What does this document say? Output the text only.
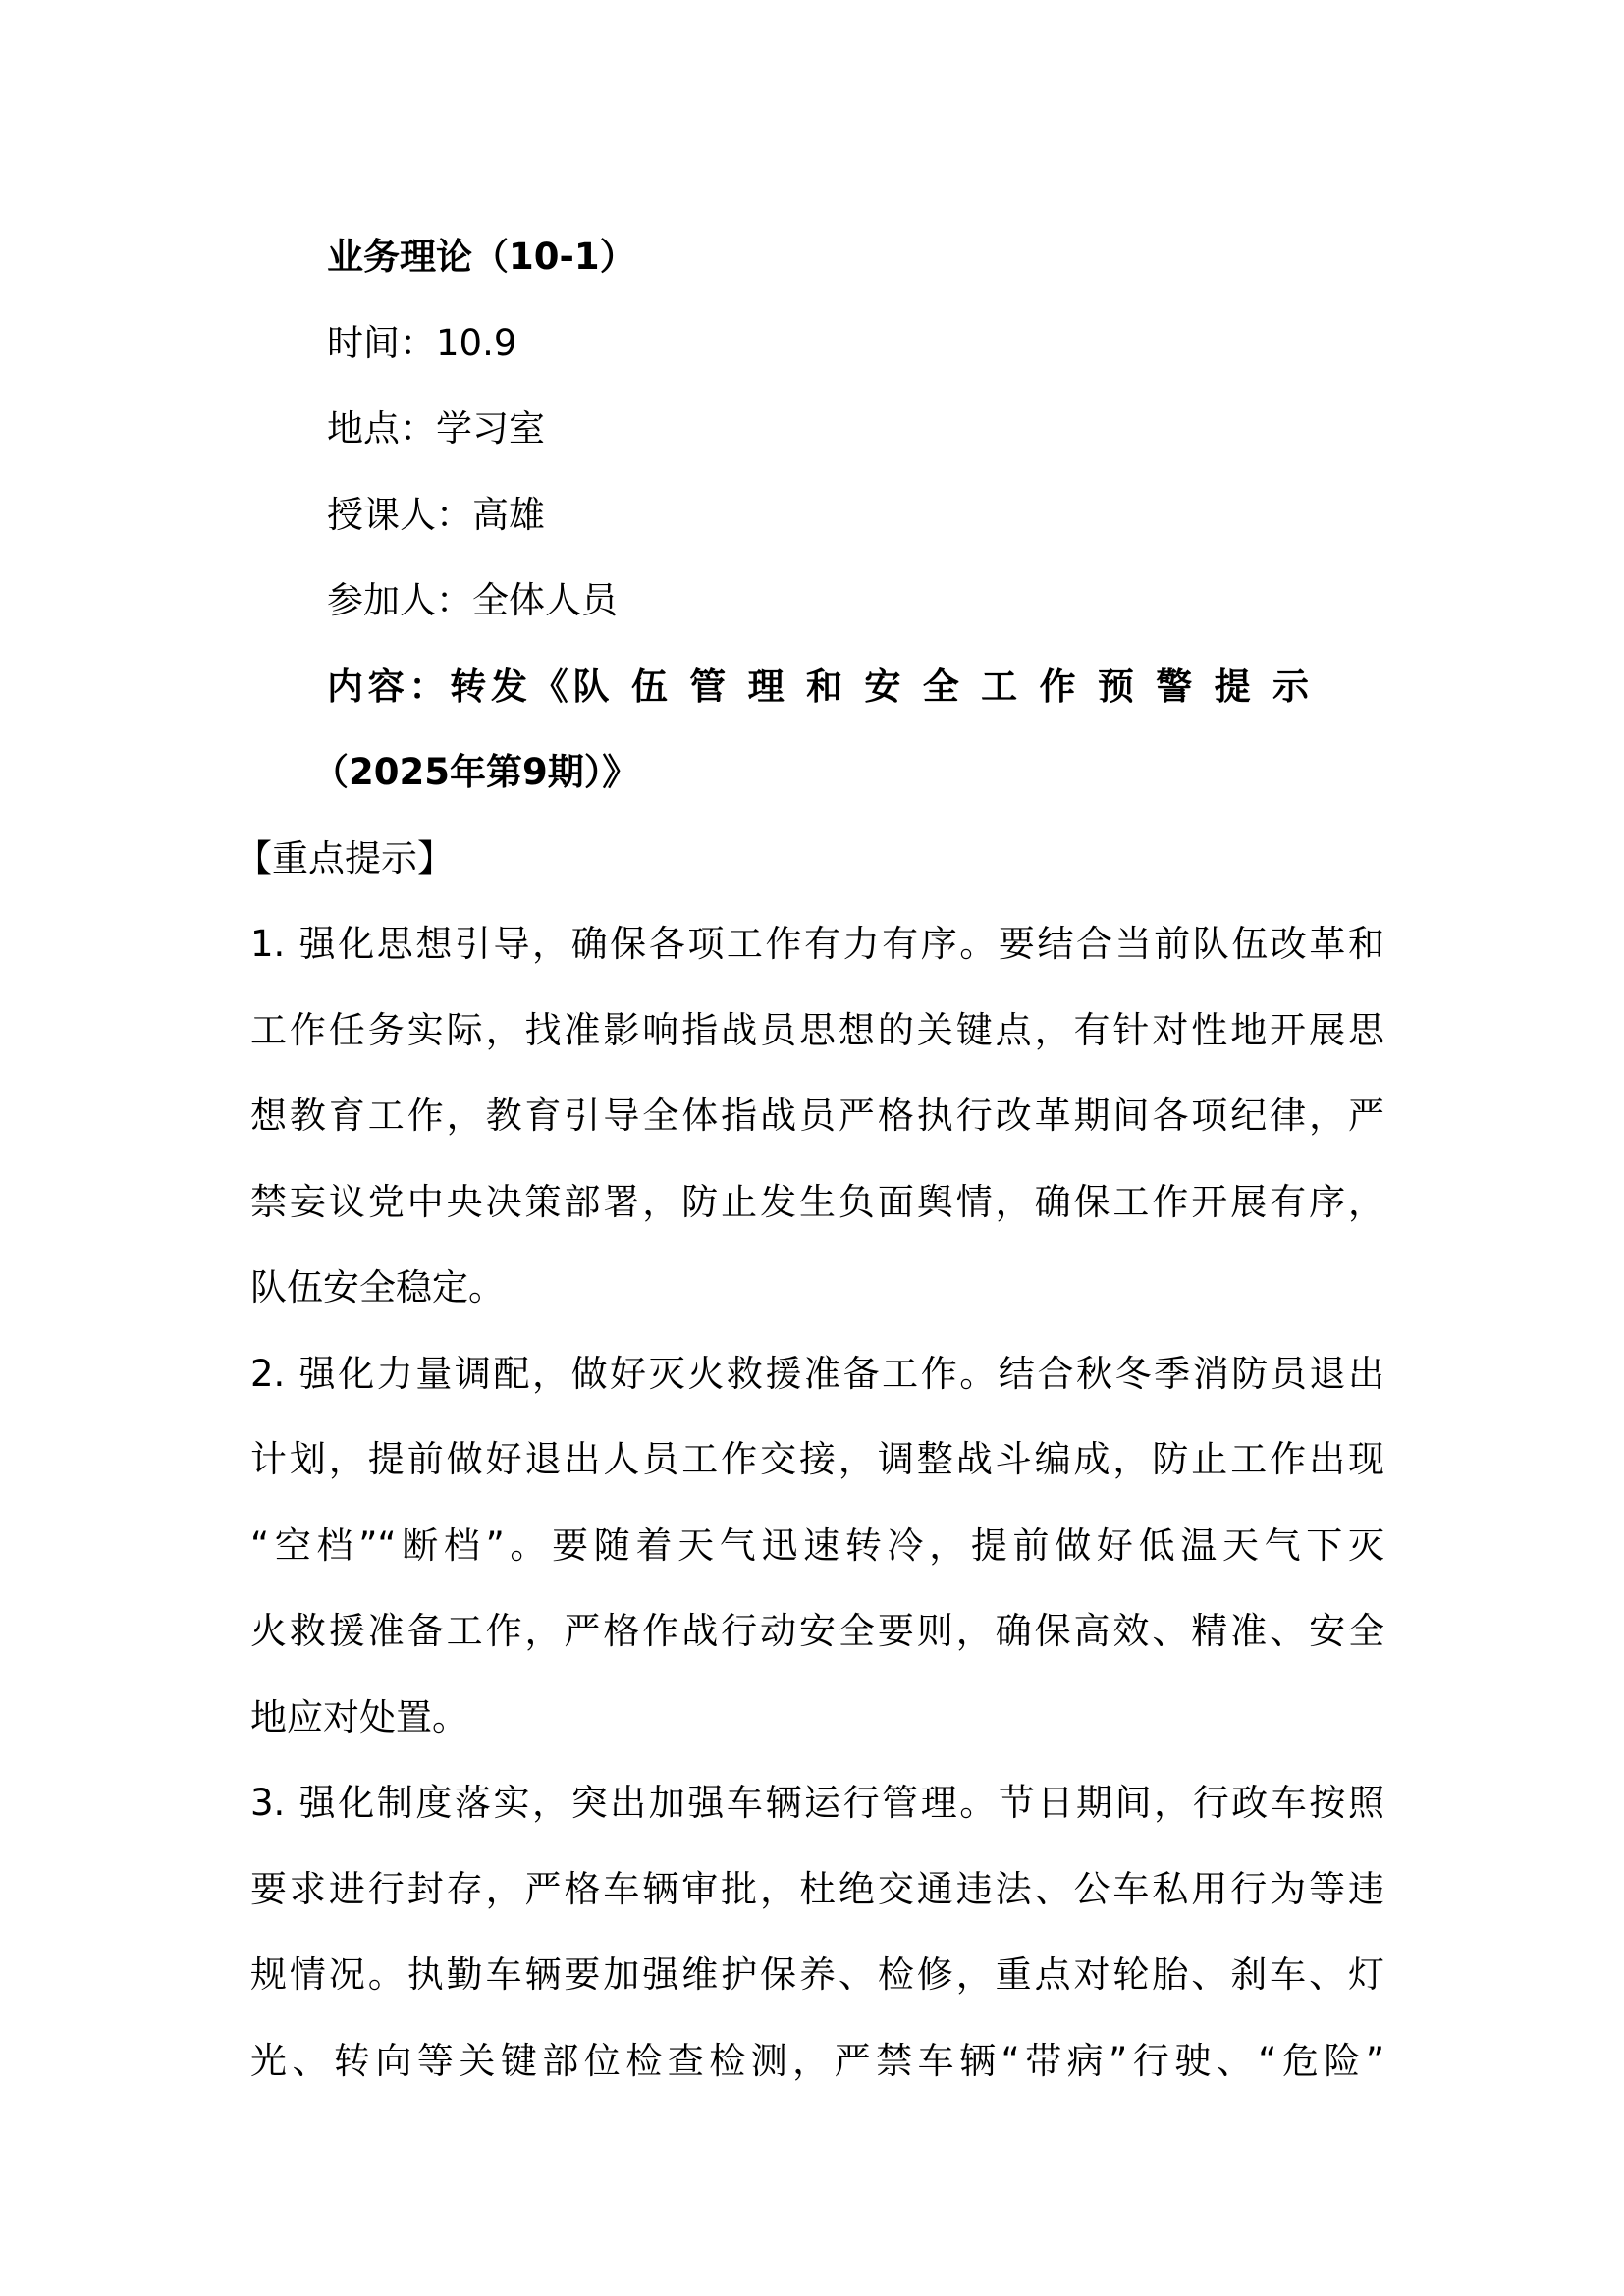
业务理论（10-1）
时间：10.9
地点：学习室
授课人：高雄
参加人：全体人员
内容：转发《队 伍 管 理 和 安 全 工 作 预 警 提 示
（2025年第9期）》
【重点提示】
1. 强化思想引导，确保各项工作有力有序。要结合当前队伍改革和
工作任务实际，找准影响指战员思想的关键点，有针对性地开展思
想教育工作，教育引导全体指战员严格执行改革期间各项纪律，严
禁妄议党中央决策部署，防止发生负面舆情，确保工作开展有序，
队伍安全稳定。
2. 强化力量调配，做好灭火救援准备工作。结合秋冬季消防员退出
计划，提前做好退出人员工作交接，调整战斗编成，防止工作出现
“空档”“断档”。要随着天气迅速转冷，提前做好低温天气下灭
火救援准备工作，严格作战行动安全要则，确保高效、精准、安全
地应对处置。
3. 强化制度落实，突出加强车辆运行管理。节日期间，行政车按照
要求进行封存，严格车辆审批，杜绝交通违法、公车私用行为等违
规情况。执勤车辆要加强维护保养、检修，重点对轮胎、刹车、灯
光、转向等关键部位检查检测，严禁车辆“带病”行驶、“危险”
